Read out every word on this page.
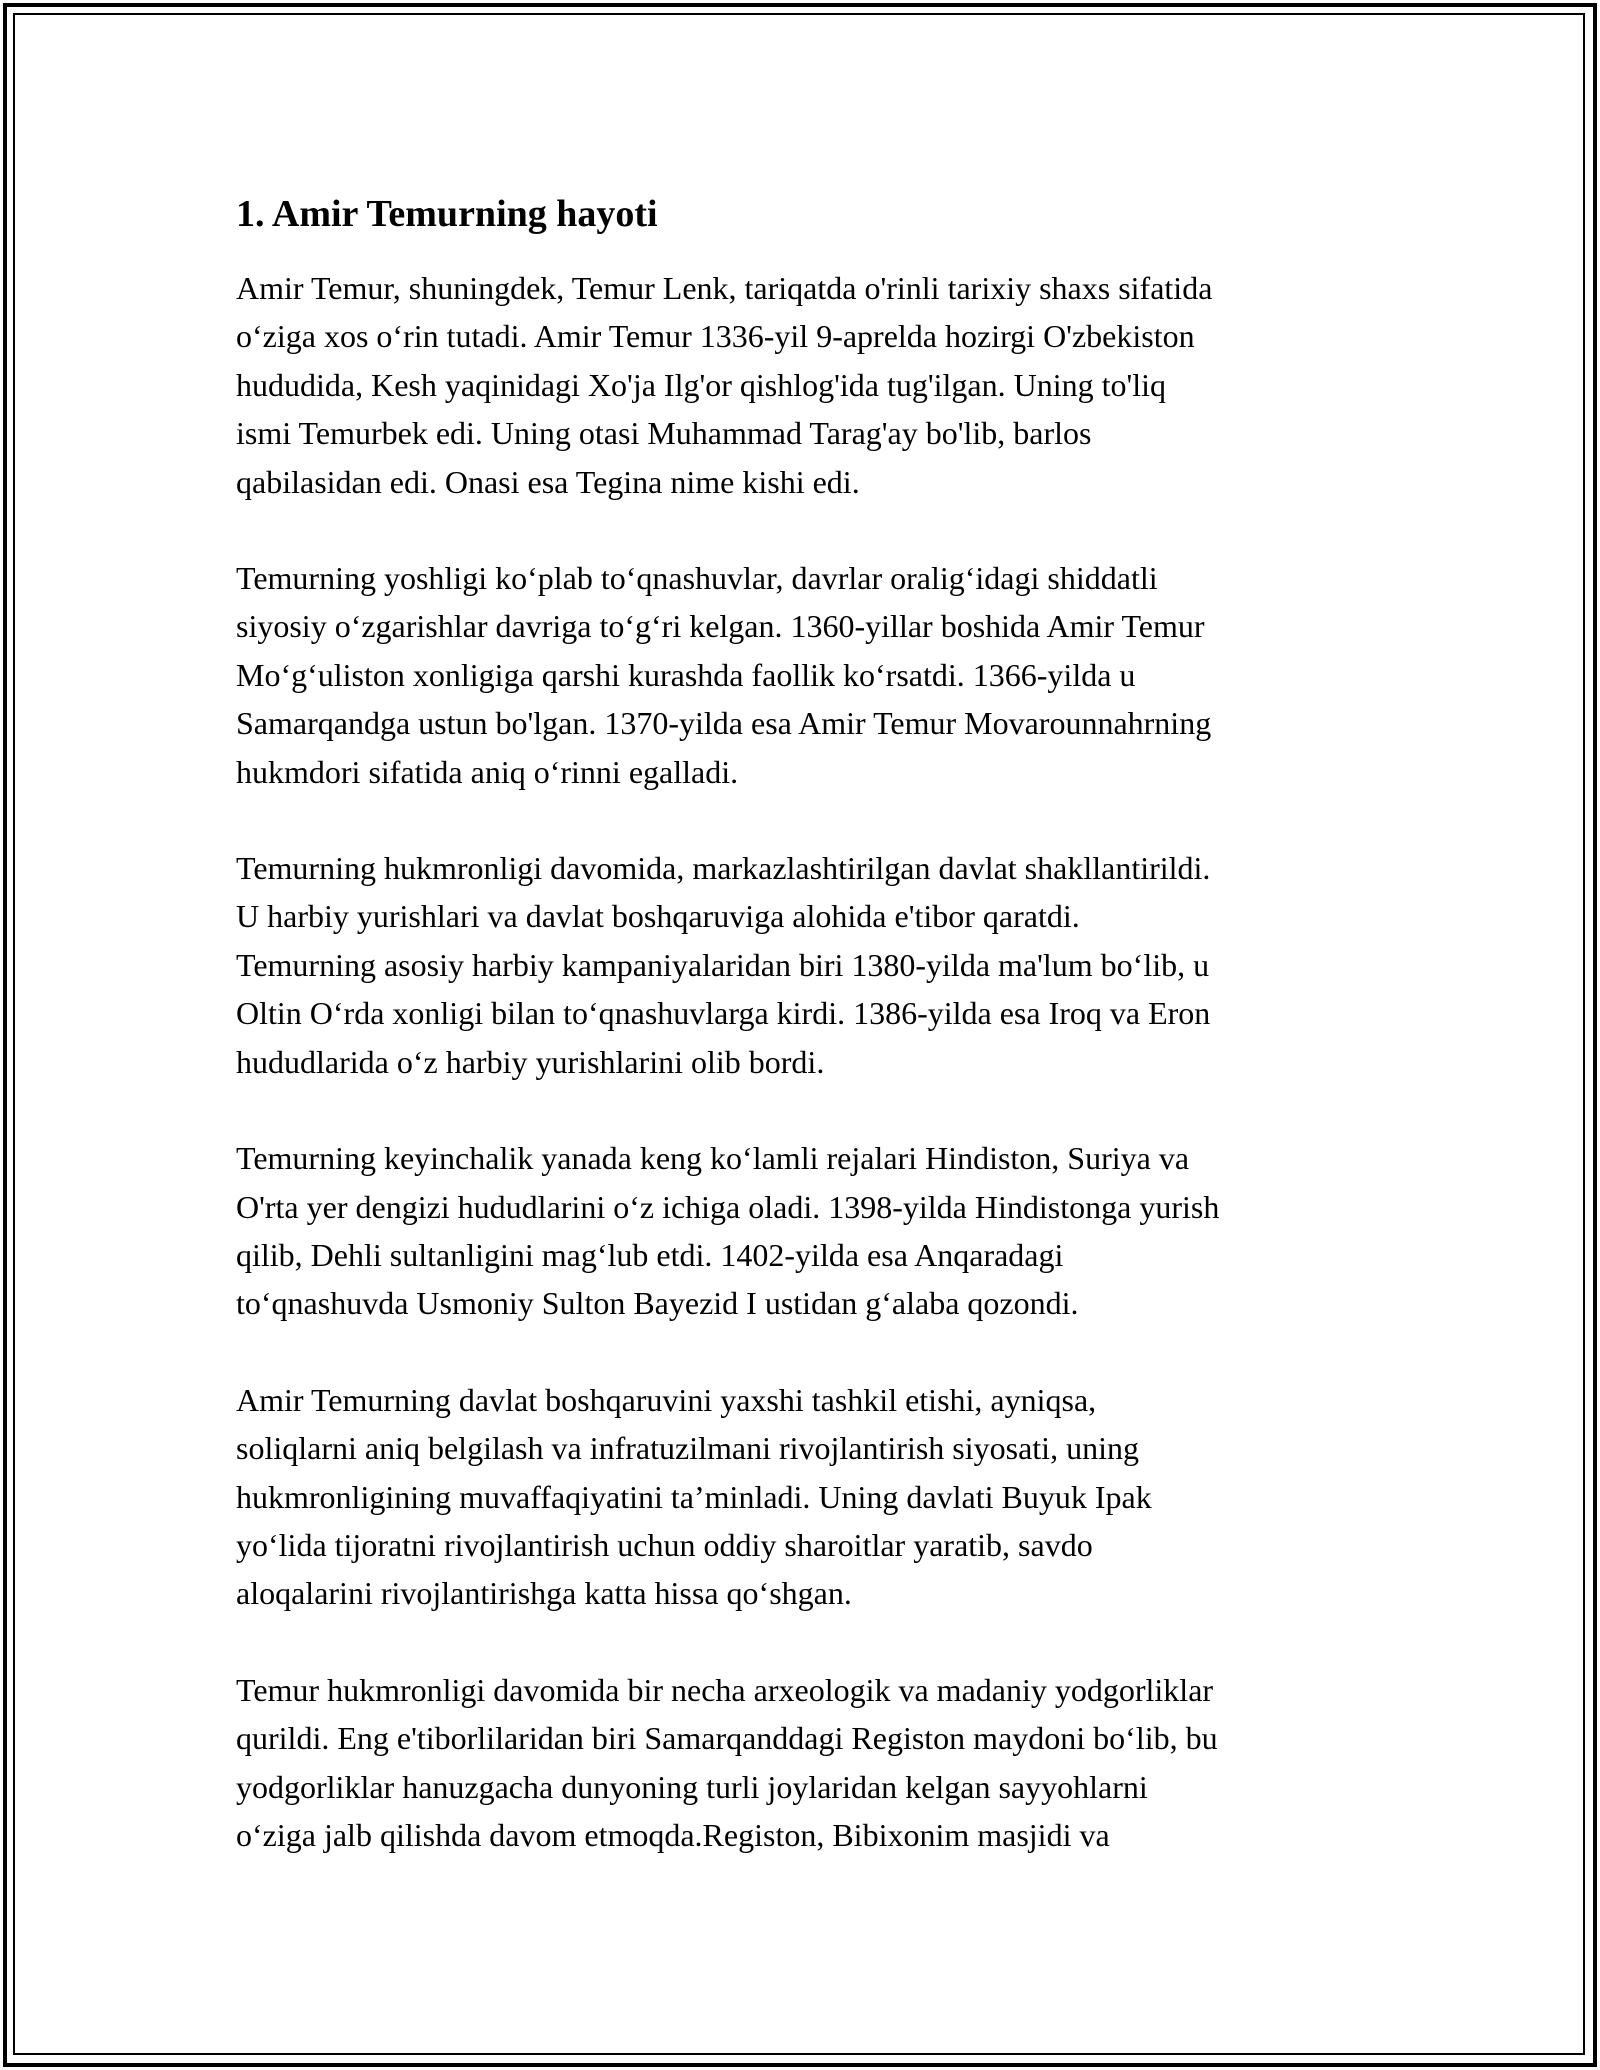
1. Amir Temurning hayoti

Amir Temur, shuningdek, Temur Lenk, tariqatda o'rinli tarixiy shaxs sifatida
o‘ziga xos o‘rin tutadi. Amir Temur 1336-yil 9-aprelda hozirgi O'zbekiston
hududida, Kesh yaqinidagi Xo'ja Ilg'or qishlog'ida tug'ilgan. Uning to'liq
ismi Temurbek edi. Uning otasi Muhammad Tarag'ay bo'lib, barlos
qabilasidan edi. Onasi esa Tegina nime kishi edi.

Temurning yoshligi ko‘plab to‘qnashuvlar, davrlar oralig‘idagi shiddatli
siyosiy o‘zgarishlar davriga to‘g‘ri kelgan. 1360-yillar boshida Amir Temur
Mo‘g‘uliston xonligiga qarshi kurashda faollik ko‘rsatdi. 1366-yilda u
Samarqandga ustun bo'lgan. 1370-yilda esa Amir Temur Movarounnahrning
hukmdori sifatida aniq o‘rinni egalladi.

Temurning hukmronligi davomida, markazlashtirilgan davlat shakllantirildi.
U harbiy yurishlari va davlat boshqaruviga alohida e'tibor qaratdi.
Temurning asosiy harbiy kampaniyalaridan biri 1380-yilda ma'lum bo‘lib, u
Oltin O‘rda xonligi bilan to‘qnashuvlarga kirdi. 1386-yilda esa Iroq va Eron
hududlarida o‘z harbiy yurishlarini olib bordi.

Temurning keyinchalik yanada keng ko‘lamli rejalari Hindiston, Suriya va
O'rta yer dengizi hududlarini o‘z ichiga oladi. 1398-yilda Hindistonga yurish
qilib, Dehli sultanligini mag‘lub etdi. 1402-yilda esa Anqaradagi
to‘qnashuvda Usmoniy Sulton Bayezid I ustidan g‘alaba qozondi.

Amir Temurning davlat boshqaruvini yaxshi tashkil etishi, ayniqsa,
soliqlarni aniq belgilash va infratuzilmani rivojlantirish siyosati, uning
hukmronligining muvaffaqiyatini ta’minladi. Uning davlati Buyuk Ipak
yo‘lida tijoratni rivojlantirish uchun oddiy sharoitlar yaratib, savdo
aloqalarini rivojlantirishga katta hissa qo‘shgan.

Temur hukmronligi davomida bir necha arxeologik va madaniy yodgorliklar
qurildi. Eng e'tiborlilaridan biri Samarqanddagi Registon maydoni bo‘lib, bu
yodgorliklar hanuzgacha dunyoning turli joylaridan kelgan sayyohlarni
o‘ziga jalb qilishda davom etmoqda.Registon, Bibixonim masjidi va
